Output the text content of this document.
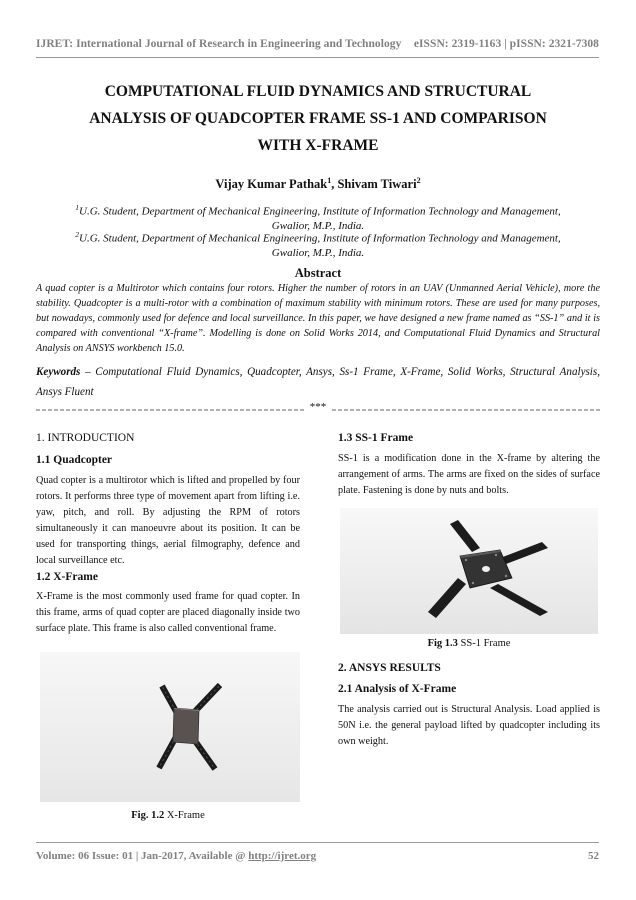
IJRET: International Journal of Research in Engineering and Technology eISSN: 2319-1163 | pISSN: 2321-7308
COMPUTATIONAL FLUID DYNAMICS AND STRUCTURAL
ANALYSIS OF QUADCOPTER FRAME SS-1 AND COMPARISON
WITH X-FRAME
Vijay Kumar Pathak$^1$, Shivam Tiwari$^2$
$^1$U.G. Student, Department of Mechanical Engineering, Institute of Information Technology and Management,
Gwalior, M.P., India.
$^2$U.G. Student, Department of Mechanical Engineering, Institute of Information Technology and Management,
Gwalior, M.P., India.
Abstract
A quad copter is a Multirotor which contains four rotors. Higher the number of rotors in an UAV (Unmanned Aerial Vehicle), more the stability. Quadcopter is a multi-rotor with a combination of maximum stability with minimum rotors. These are used for many purposes, but nowadays, commonly used for defence and local surveillance. In this paper, we have designed a new frame named as “SS-1” and it is compared with conventional “X-frame”. Modelling is done on Solid Works 2014, and Computational Fluid Dynamics and Structural Analysis on ANSYS workbench 15.0.
Keywords – Computational Fluid Dynamics, Quadcopter, Ansys, Ss-1 Frame, X-Frame, Solid Works, Structural Analysis, Ansys Fluent
***
1. INTRODUCTION
1.1 Quadcopter
Quad copter is a multirotor which is lifted and propelled by four rotors. It performs three type of movement apart from lifting i.e. yaw, pitch, and roll. By adjusting the RPM of rotors simultaneously it can manoeuvre about its position. It can be used for transporting things, aerial filmography, defence and local surveillance etc.
1.2 X-Frame
X-Frame is the most commonly used frame for quad copter. In this frame, arms of quad copter are placed diagonally inside two surface plate. This frame is also called conventional frame.
Fig. 1.2 X-Frame
1.3 SS-1 Frame
SS-1 is a modification done in the X-frame by altering the arrangement of arms. The arms are fixed on the sides of surface plate. Fastening is done by nuts and bolts.
Fig 1.3 SS-1 Frame
2. ANSYS RESULTS
2.1 Analysis of X-Frame
The analysis carried out is Structural Analysis. Load applied is 50N i.e. the general payload lifted by quadcopter including its own weight.
Volume: 06 Issue: 01 | Jan-2017, Available @ http://ijret.org	52
